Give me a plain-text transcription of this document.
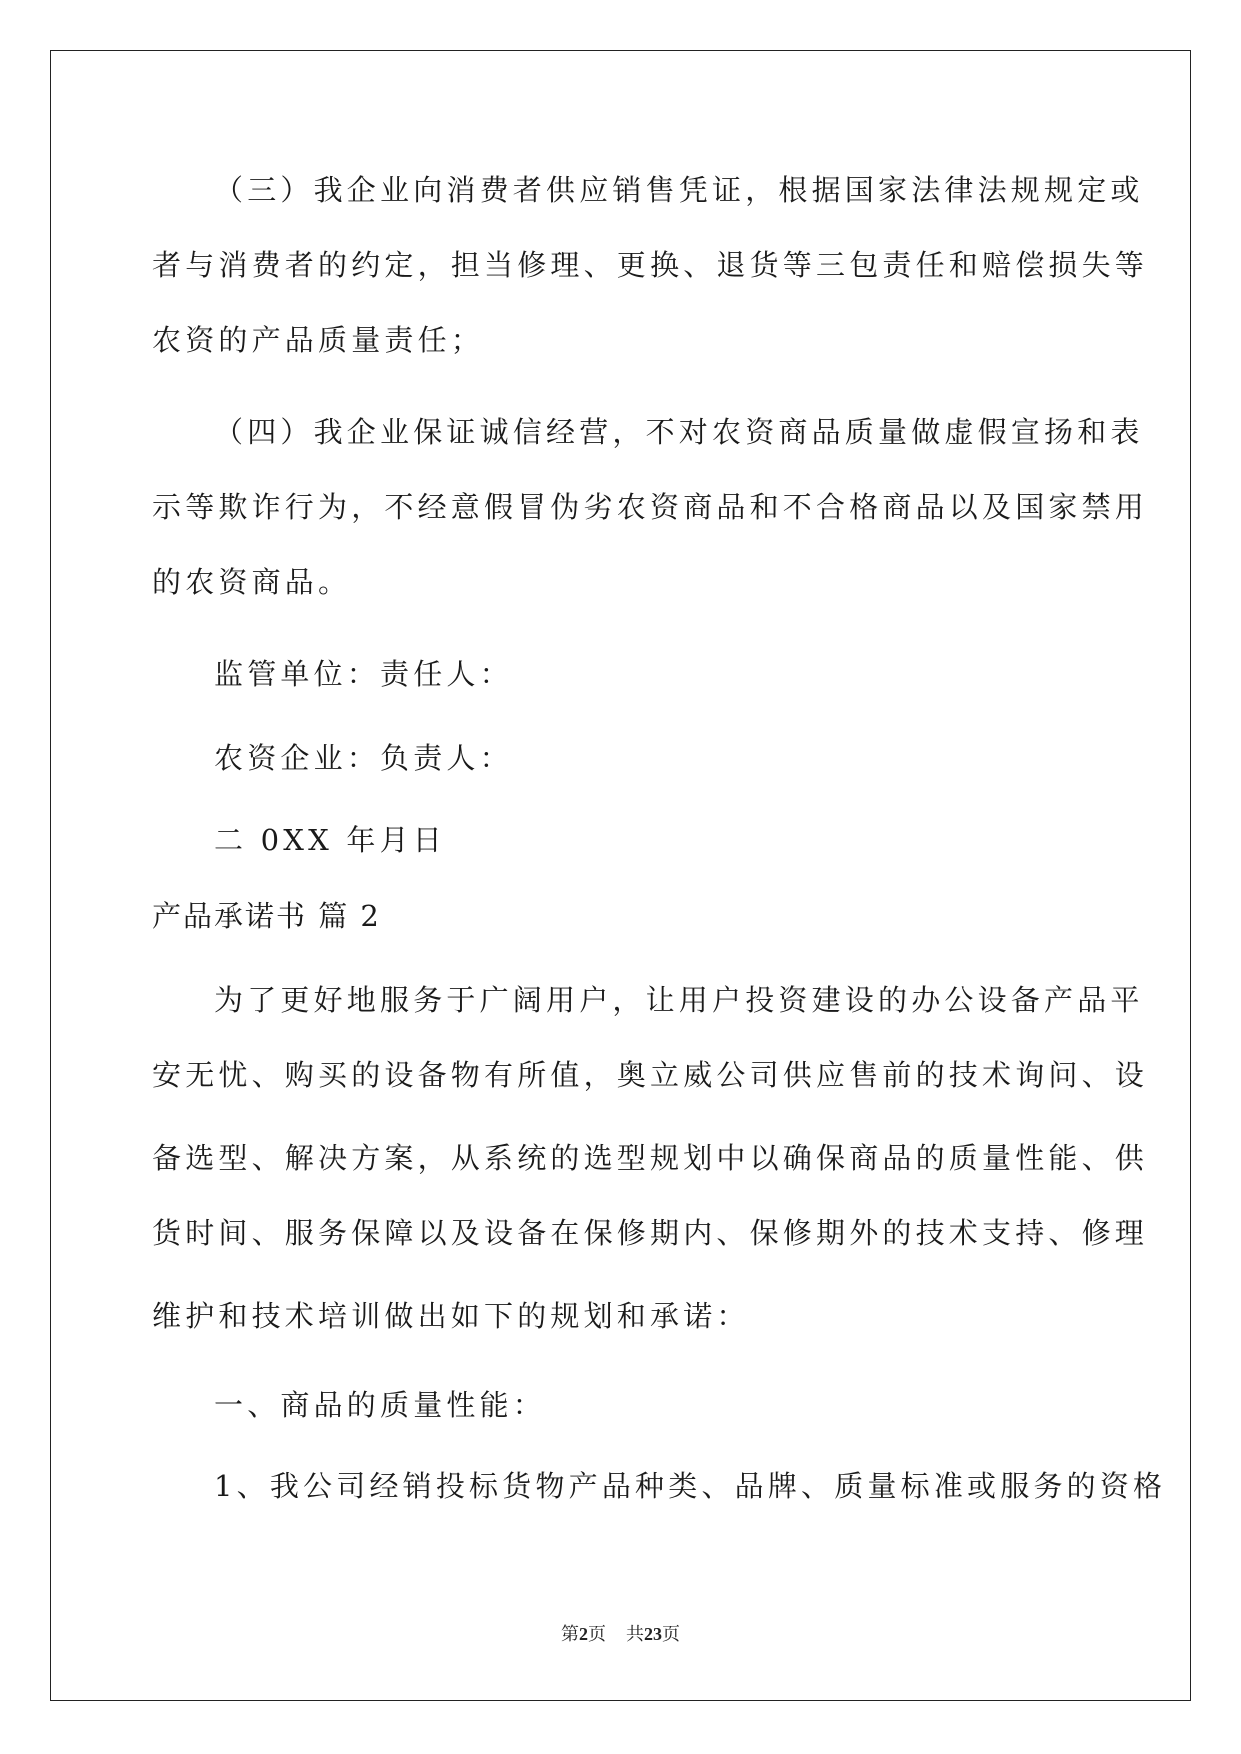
（三）我企业向消费者供应销售凭证，根据国家法律法规规定或
者与消费者的约定，担当修理、更换、退货等三包责任和赔偿损失等
农资的产品质量责任；
（四）我企业保证诚信经营，不对农资商品质量做虚假宣扬和表
示等欺诈行为，不经意假冒伪劣农资商品和不合格商品以及国家禁用
的农资商品。
监管单位：责任人：
农资企业：负责人：
二 0XX 年月日
产品承诺书 篇 2
为了更好地服务于广阔用户，让用户投资建设的办公设备产品平
安无忧、购买的设备物有所值，奥立威公司供应售前的技术询问、设
备选型、解决方案，从系统的选型规划中以确保商品的质量性能、供
货时间、服务保障以及设备在保修期内、保修期外的技术支持、修理
维护和技术培训做出如下的规划和承诺：
一、商品的质量性能：
1、我公司经销投标货物产品种类、品牌、质量标准或服务的资格
第2页 共23页
